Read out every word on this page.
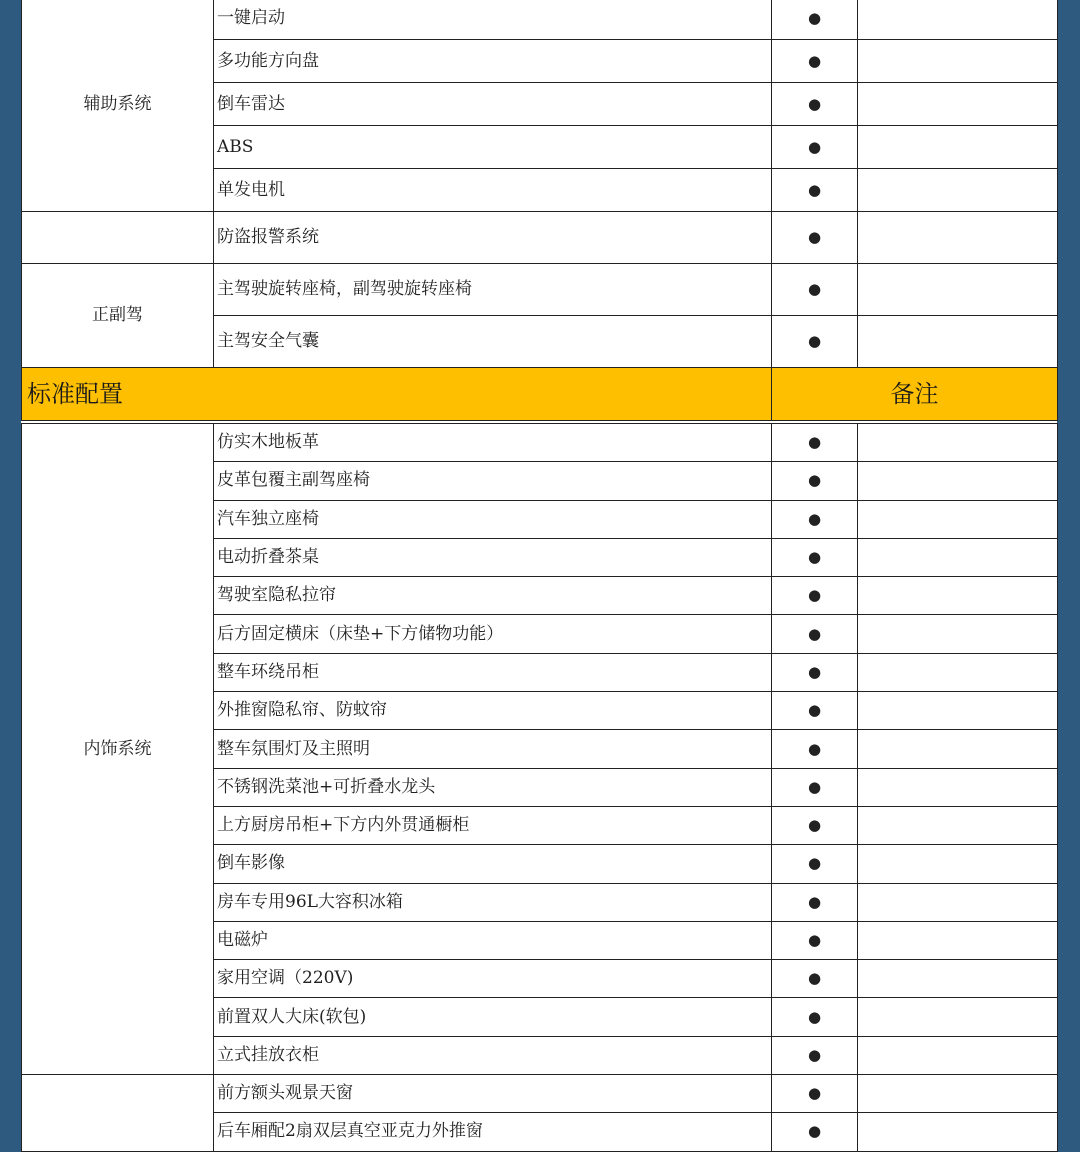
辅助系统	一键启动	●	
	多功能方向盘	●	
	倒车雷达	●	
	ABS	●	
	单发电机	●	
	防盗报警系统	●	
正副驾	主驾驶旋转座椅，副驾驶旋转座椅	●	
	主驾安全气囊	●	
标准配置		备注	
内饰系统	仿实木地板革	●	
	皮革包覆主副驾座椅	●	
	汽车独立座椅	●	
	电动折叠茶桌	●	
	驾驶室隐私拉帘	●	
	后方固定横床（床垫+下方储物功能）	●	
	整车环绕吊柜	●	
	外推窗隐私帘、防蚊帘	●	
	整车氛围灯及主照明	●	
	不锈钢洗菜池+可折叠水龙头	●	
	上方厨房吊柜+下方内外贯通橱柜	●	
	倒车影像	●	
	房车专用96L大容积冰箱	●	
	电磁炉	●	
	家用空调（220V)	●	
	前置双人大床(软包)	●	
	立式挂放衣柜	●	
	前方额头观景天窗	●	
	后车厢配2扇双层真空亚克力外推窗	●	
